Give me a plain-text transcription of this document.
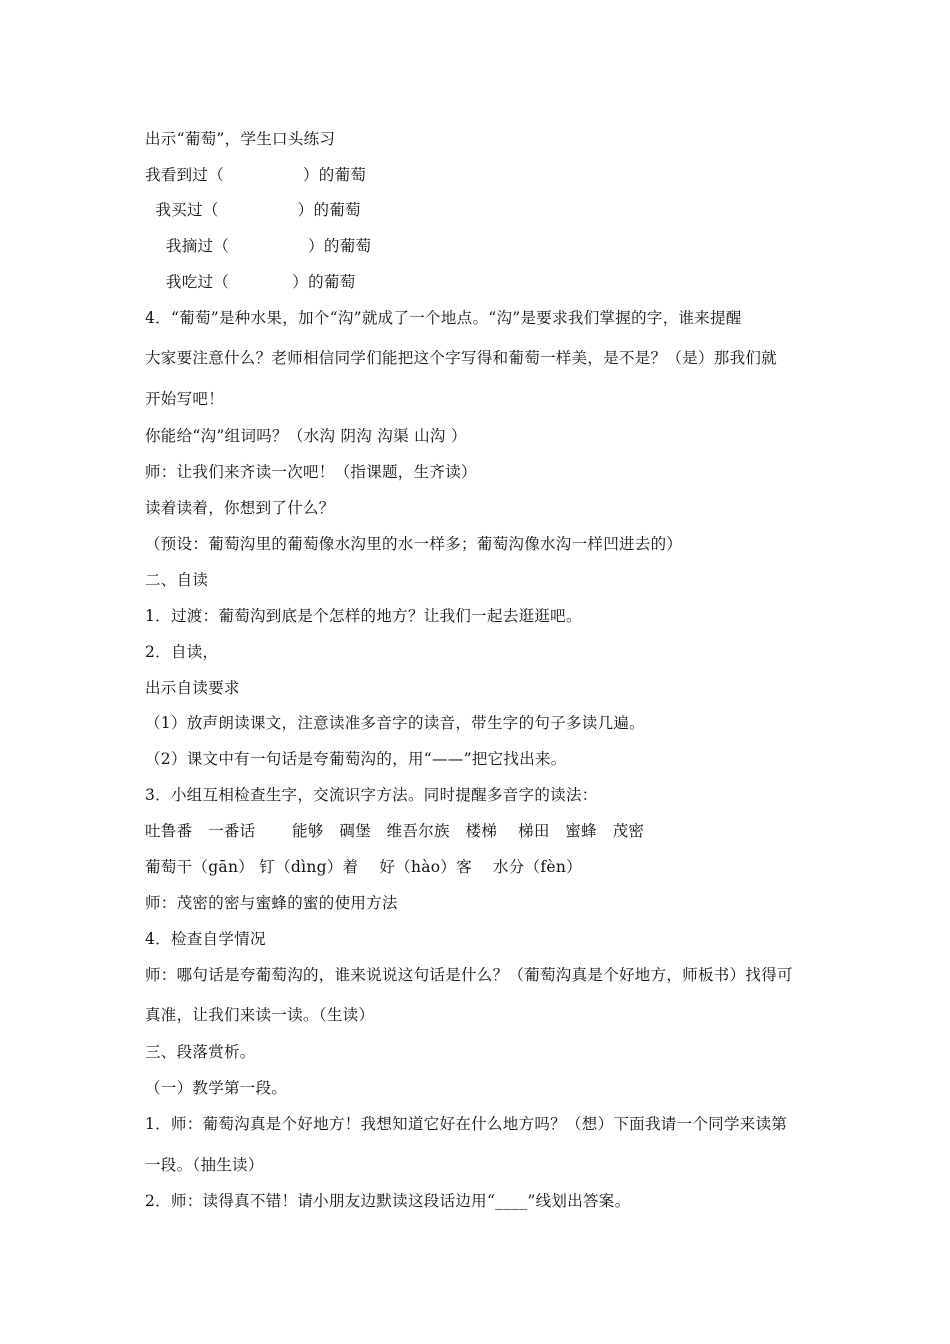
出示“葡萄”，学生口头练习
我看到过（　　　　　）的葡萄
我买过（　　　　　）的葡萄
我摘过（　　　　　）的葡萄
我吃过（　　　　）的葡萄
4．“葡萄”是种水果，加个“沟”就成了一个地点。“沟”是要求我们掌握的字，谁来提醒
大家要注意什么？老师相信同学们能把这个字写得和葡萄一样美，是不是？（是）那我们就
开始写吧！
你能给“沟”组词吗？（水沟 阴沟 沟渠 山沟 ）
师：让我们来齐读一次吧！（指课题，生齐读）
读着读着，你想到了什么？
（预设：葡萄沟里的葡萄像水沟里的水一样多；葡萄沟像水沟一样凹进去的）
二、自读
1．过渡：葡萄沟到底是个怎样的地方？让我们一起去逛逛吧。
2．自读，
出示自读要求
（1）放声朗读课文，注意读准多音字的读音，带生字的句子多读几遍。
（2）课文中有一句话是夸葡萄沟的，用“——”把它找出来。
3．小组互相检查生字，交流识字方法。同时提醒多音字的读法：
吐鲁番   一番话       能够   碉堡   维吾尔族   楼梯    梯田   蜜蜂   茂密
葡萄干（gān） 钉（dìng）着    好（hào）客    水分（fèn）
师：茂密的密与蜜蜂的蜜的使用方法
4．检查自学情况
师：哪句话是夸葡萄沟的，谁来说说这句话是什么？（葡萄沟真是个好地方，师板书）找得可
真准，让我们来读一读。（生读）
三、段落赏析。
（一）教学第一段。
1．师：葡萄沟真是个好地方！我想知道它好在什么地方吗？（想）下面我请一个同学来读第
一段。（抽生读）
2．师：读得真不错！请小朋友边默读这段话边用“____”线划出答案。
